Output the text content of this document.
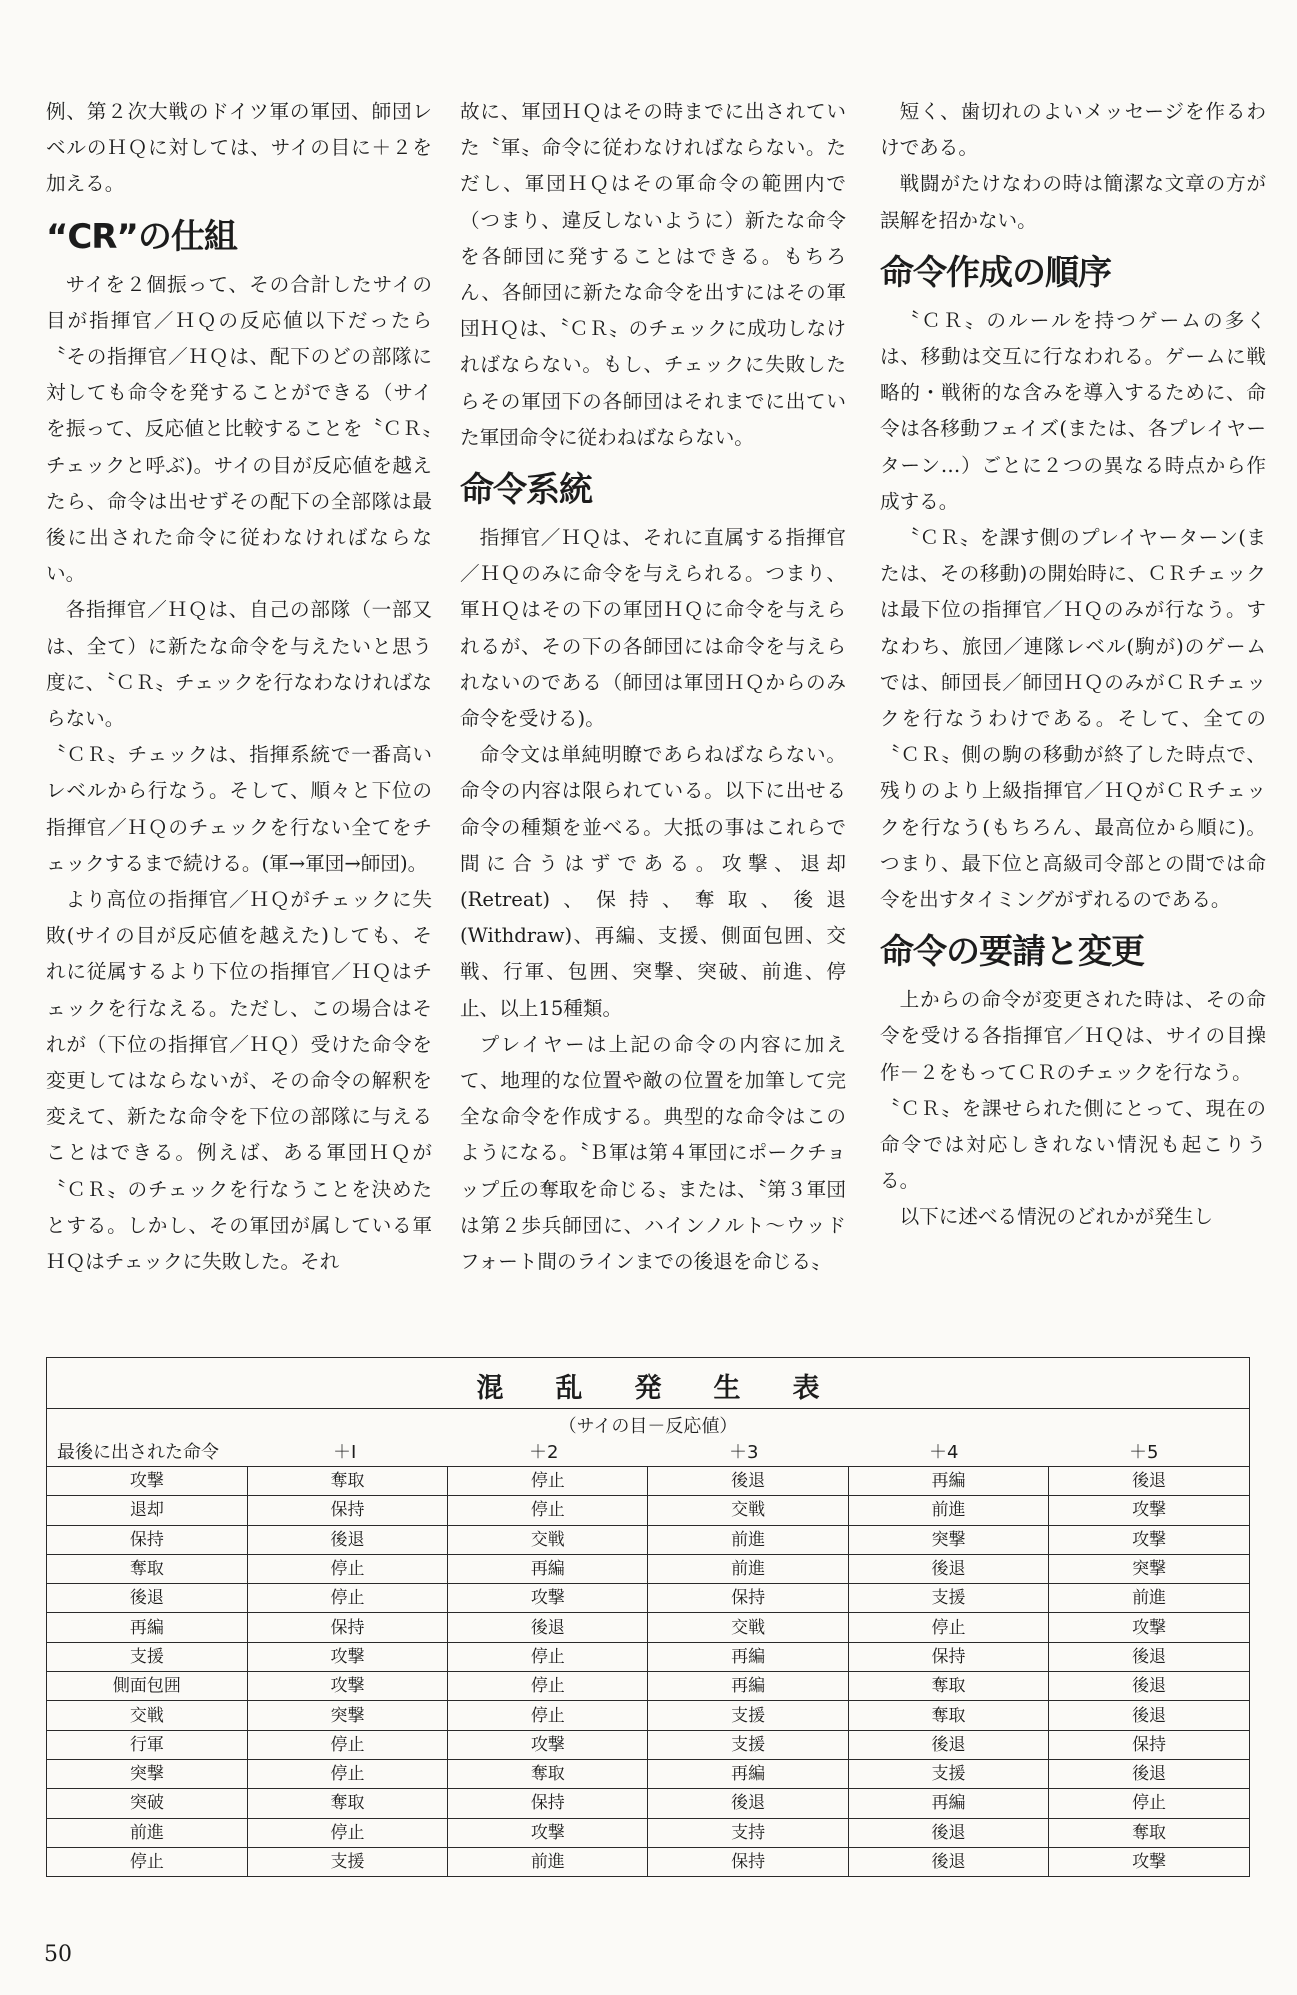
例、第２次大戦のドイツ軍の軍団、師団レベルのＨＱに対しては、サイの目に＋２を加える。

“CR”の仕組

サイを２個振って、その合計したサイの目が指揮官／ＨＱの反応値以下だったら〝その指揮官／ＨＱは、配下のどの部隊に対しても命令を発することができる（サイを振って、反応値と比較することを〝ＣＲ〟チェックと呼ぶ)。サイの目が反応値を越えたら、命令は出せずその配下の全部隊は最後に出された命令に従わなければならない。

各指揮官／ＨＱは、自己の部隊（一部又は、全て）に新たな命令を与えたいと思う度に、〝ＣＲ〟チェックを行なわなければならない。

〝ＣＲ〟チェックは、指揮系統で一番高いレベルから行なう。そして、順々と下位の指揮官／ＨＱのチェックを行ない全てをチェックするまで続ける。(軍→軍団→師団)。

より高位の指揮官／ＨＱがチェックに失敗(サイの目が反応値を越えた)しても、それに従属するより下位の指揮官／ＨＱはチェックを行なえる。ただし、この場合はそれが（下位の指揮官／ＨＱ）受けた命令を変更してはならないが、その命令の解釈を変えて、新たな命令を下位の部隊に与えることはできる。例えば、ある軍団ＨＱが〝ＣＲ〟のチェックを行なうことを決めたとする。しかし、その軍団が属している軍ＨＱはチェックに失敗した。それ

故に、軍団ＨＱはその時までに出されていた〝軍〟命令に従わなければならない。ただし、軍団ＨＱはその軍命令の範囲内で（つまり、違反しないように）新たな命令を各師団に発することはできる。もちろん、各師団に新たな命令を出すにはその軍団ＨＱは、〝ＣＲ〟のチェックに成功しなければならない。もし、チェックに失敗したらその軍団下の各師団はそれまでに出ていた軍団命令に従わねばならない。

命令系統

指揮官／ＨＱは、それに直属する指揮官／ＨＱのみに命令を与えられる。つまり、軍ＨＱはその下の軍団ＨＱに命令を与えられるが、その下の各師団には命令を与えられないのである（師団は軍団ＨＱからのみ命令を受ける)。

命令文は単純明瞭であらねばならない。命令の内容は限られている。以下に出せる命令の種類を並べる。大抵の事はこれらで間に合うはずである。攻撃、退却(Retreat)、保持、奪取、後退(Withdraw)、再編、支援、側面包囲、交戦、行軍、包囲、突撃、突破、前進、停止、以上15種類。

プレイヤーは上記の命令の内容に加えて、地理的な位置や敵の位置を加筆して完全な命令を作成する。典型的な命令はこのようになる。〝Ｂ軍は第４軍団にポークチョップ丘の奪取を命じる〟または、〝第３軍団は第２歩兵師団に、ハインノルト～ウッドフォート間のラインまでの後退を命じる〟

短く、歯切れのよいメッセージを作るわけである。

戦闘がたけなわの時は簡潔な文章の方が誤解を招かない。

命令作成の順序

〝ＣＲ〟のルールを持つゲームの多くは、移動は交互に行なわれる。ゲームに戦略的・戦術的な含みを導入するために、命令は各移動フェイズ(または、各プレイヤーターン…）ごとに２つの異なる時点から作成する。

〝ＣＲ〟を課す側のプレイヤーターン(または、その移動)の開始時に、ＣＲチェックは最下位の指揮官／ＨＱのみが行なう。すなわち、旅団／連隊レベル(駒が)のゲームでは、師団長／師団ＨＱのみがＣＲチェックを行なうわけである。そして、全ての〝ＣＲ〟側の駒の移動が終了した時点で、残りのより上級指揮官／ＨＱがＣＲチェックを行なう(もちろん、最高位から順に)。つまり、最下位と高級司令部との間では命令を出すタイミングがずれるのである。

命令の要請と変更

上からの命令が変更された時は、その命令を受ける各指揮官／ＨＱは、サイの目操作－２をもってＣＲのチェックを行なう。

〝ＣＲ〟を課せられた側にとって、現在の命令では対応しきれない情況も起こりうる。

以下に述べる情況のどれかが発生し

混乱発生表
（サイの目－反応値）
最後に出された命令	＋Ⅰ	＋2	＋3	＋4	＋5
攻撃	奪取	停止	後退	再編	後退
退却	保持	停止	交戦	前進	攻撃
保持	後退	交戦	前進	突撃	攻撃
奪取	停止	再編	前進	後退	突撃
後退	停止	攻撃	保持	支援	前進
再編	保持	後退	交戦	停止	攻撃
支援	攻撃	停止	再編	保持	後退
側面包囲	攻撃	停止	再編	奪取	後退
交戦	突撃	停止	支援	奪取	後退
行軍	停止	攻撃	支援	後退	保持
突撃	停止	奪取	再編	支援	後退
突破	奪取	保持	後退	再編	停止
前進	停止	攻撃	支持	後退	奪取
停止	支援	前進	保持	後退	攻撃
50
